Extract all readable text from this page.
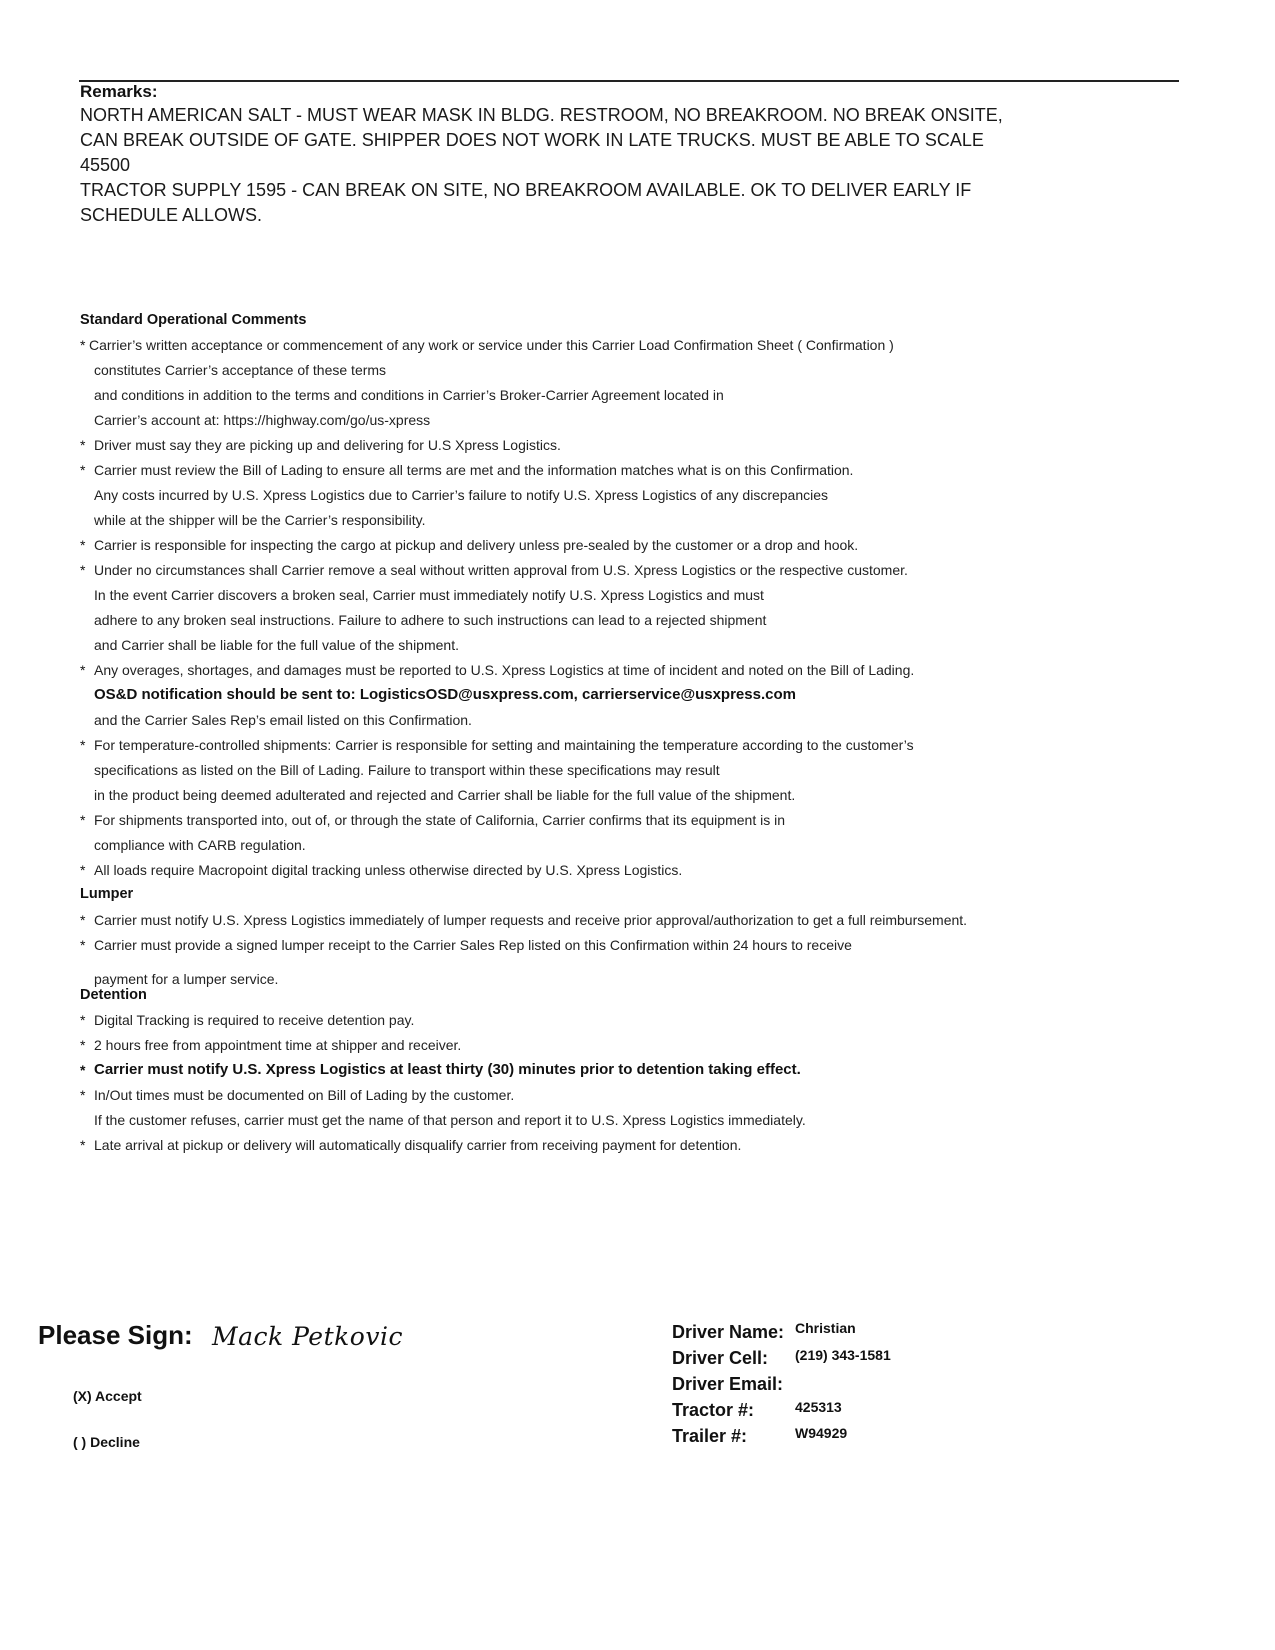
Remarks:
NORTH AMERICAN SALT - MUST WEAR MASK IN BLDG. RESTROOM, NO BREAKROOM. NO BREAK ONSITE,
CAN BREAK OUTSIDE OF GATE. SHIPPER DOES NOT WORK IN LATE TRUCKS. MUST BE ABLE TO SCALE
45500
TRACTOR SUPPLY 1595 - CAN BREAK ON SITE, NO BREAKROOM AVAILABLE. OK TO DELIVER EARLY IF
SCHEDULE ALLOWS.
Standard Operational Comments
* Carrier’s written acceptance or commencement of any work or service under this Carrier Load Confirmation Sheet ( Confirmation )
constitutes Carrier’s acceptance of these terms
and conditions in addition to the terms and conditions in Carrier’s Broker-Carrier Agreement located in
Carrier’s account at: https://highway.com/go/us-xpress
* Driver must say they are picking up and delivering for U.S Xpress Logistics.
* Carrier must review the Bill of Lading to ensure all terms are met and the information matches what is on this Confirmation.
Any costs incurred by U.S. Xpress Logistics due to Carrier’s failure to notify U.S. Xpress Logistics of any discrepancies
while at the shipper will be the Carrier’s responsibility.
* Carrier is responsible for inspecting the cargo at pickup and delivery unless pre-sealed by the customer or a drop and hook.
* Under no circumstances shall Carrier remove a seal without written approval from U.S. Xpress Logistics or the respective customer.
In the event Carrier discovers a broken seal, Carrier must immediately notify U.S. Xpress Logistics and must
adhere to any broken seal instructions. Failure to adhere to such instructions can lead to a rejected shipment
and Carrier shall be liable for the full value of the shipment.
* Any overages, shortages, and damages must be reported to U.S. Xpress Logistics at time of incident and noted on the Bill of Lading.
OS&D notification should be sent to: LogisticsOSD@usxpress.com, carrierservice@usxpress.com
and the Carrier Sales Rep’s email listed on this Confirmation.
* For temperature-controlled shipments: Carrier is responsible for setting and maintaining the temperature according to the customer’s
specifications as listed on the Bill of Lading. Failure to transport within these specifications may result
in the product being deemed adulterated and rejected and Carrier shall be liable for the full value of the shipment.
* For shipments transported into, out of, or through the state of California, Carrier confirms that its equipment is in
compliance with CARB regulation.
* All loads require Macropoint digital tracking unless otherwise directed by U.S. Xpress Logistics.
Lumper
* Carrier must notify U.S. Xpress Logistics immediately of lumper requests and receive prior approval/authorization to get a full reimbursement.
* Carrier must provide a signed lumper receipt to the Carrier Sales Rep listed on this Confirmation within 24 hours to receive
payment for a lumper service.
Detention
* Digital Tracking is required to receive detention pay.
* 2 hours free from appointment time at shipper and receiver.
* Carrier must notify U.S. Xpress Logistics at least thirty (30) minutes prior to detention taking effect.
* In/Out times must be documented on Bill of Lading by the customer.
If the customer refuses, carrier must get the name of that person and report it to U.S. Xpress Logistics immediately.
* Late arrival at pickup or delivery will automatically disqualify carrier from receiving payment for detention.
Please Sign: Mack Petkovic
(X) Accept
( ) Decline
Driver Name: Christian
Driver Cell: (219) 343-1581
Driver Email:
Tractor #:	425313
Trailer #:	W94929
